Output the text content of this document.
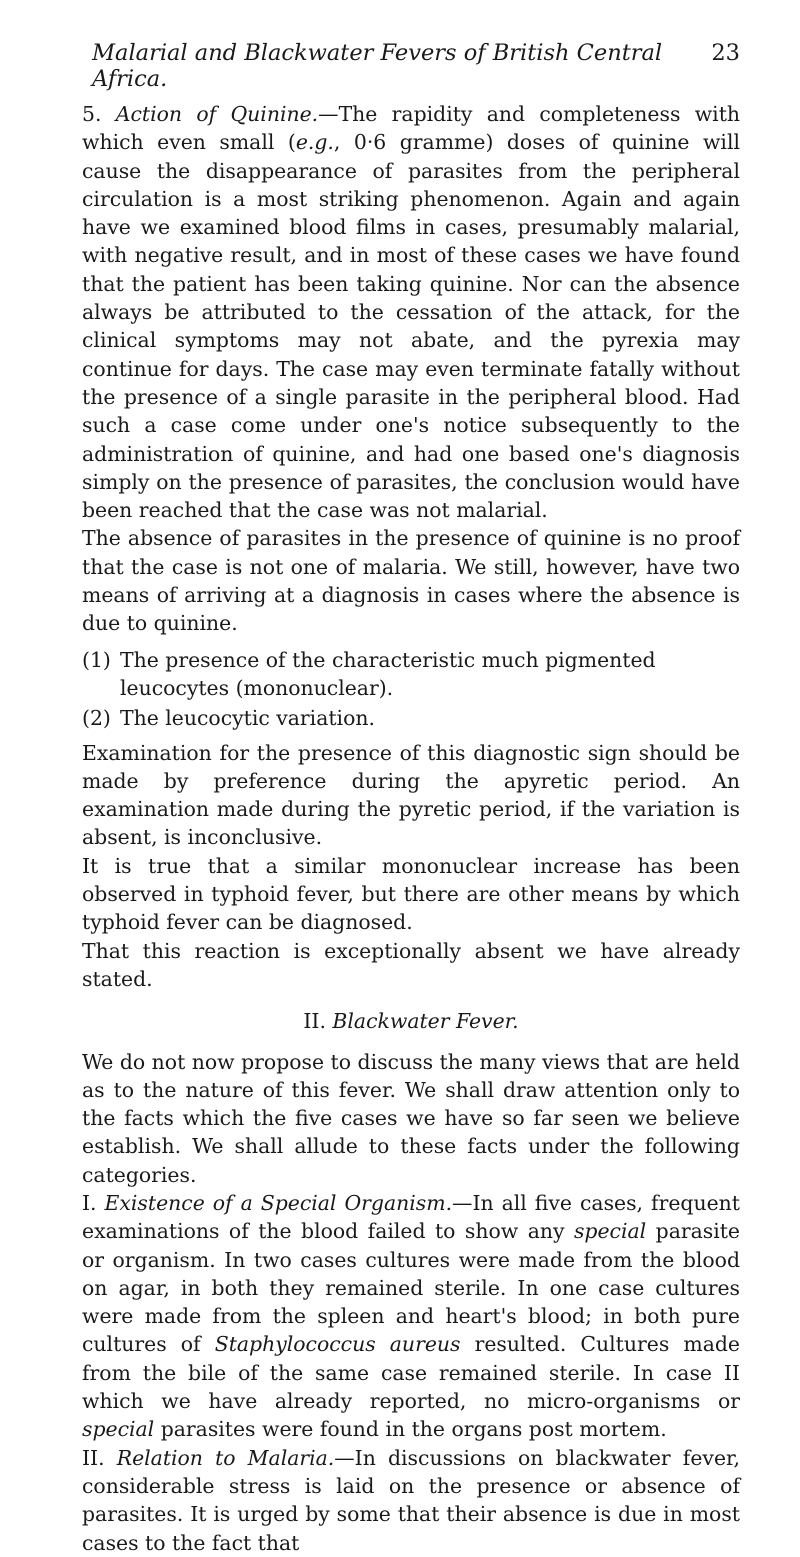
Malarial and Blackwater Fevers of British Central Africa.
23

5. Action of Quinine.—The rapidity and completeness with which even small (e.g., 0·6 gramme) doses of quinine will cause the disappearance of parasites from the peripheral circulation is a most striking phenomenon. Again and again have we examined blood films in cases, presumably malarial, with negative result, and in most of these cases we have found that the patient has been taking quinine. Nor can the absence always be attributed to the cessation of the attack, for the clinical symptoms may not abate, and the pyrexia may continue for days. The case may even terminate fatally without the presence of a single parasite in the peripheral blood. Had such a case come under one's notice subsequently to the administration of quinine, and had one based one's diagnosis simply on the presence of parasites, the conclusion would have been reached that the case was not malarial.

The absence of parasites in the presence of quinine is no proof that the case is not one of malaria. We still, however, have two means of arriving at a diagnosis in cases where the absence is due to quinine.

(1) The presence of the characteristic much pigmented leucocytes (mononuclear).
(2) The leucocytic variation.

Examination for the presence of this diagnostic sign should be made by preference during the apyretic period. An examination made during the pyretic period, if the variation is absent, is inconclusive.

It is true that a similar mononuclear increase has been observed in typhoid fever, but there are other means by which typhoid fever can be diagnosed.

That this reaction is exceptionally absent we have already stated.

II. Blackwater Fever.

We do not now propose to discuss the many views that are held as to the nature of this fever. We shall draw attention only to the facts which the five cases we have so far seen we believe establish. We shall allude to these facts under the following categories.

I. Existence of a Special Organism.—In all five cases, frequent examinations of the blood failed to show any special parasite or organism. In two cases cultures were made from the blood on agar, in both they remained sterile. In one case cultures were made from the spleen and heart's blood; in both pure cultures of Staphylococcus aureus resulted. Cultures made from the bile of the same case remained sterile. In case II which we have already reported, no micro-organisms or special parasites were found in the organs post mortem.

II. Relation to Malaria.—In discussions on blackwater fever, considerable stress is laid on the presence or absence of parasites. It is urged by some that their absence is due in most cases to the fact that
